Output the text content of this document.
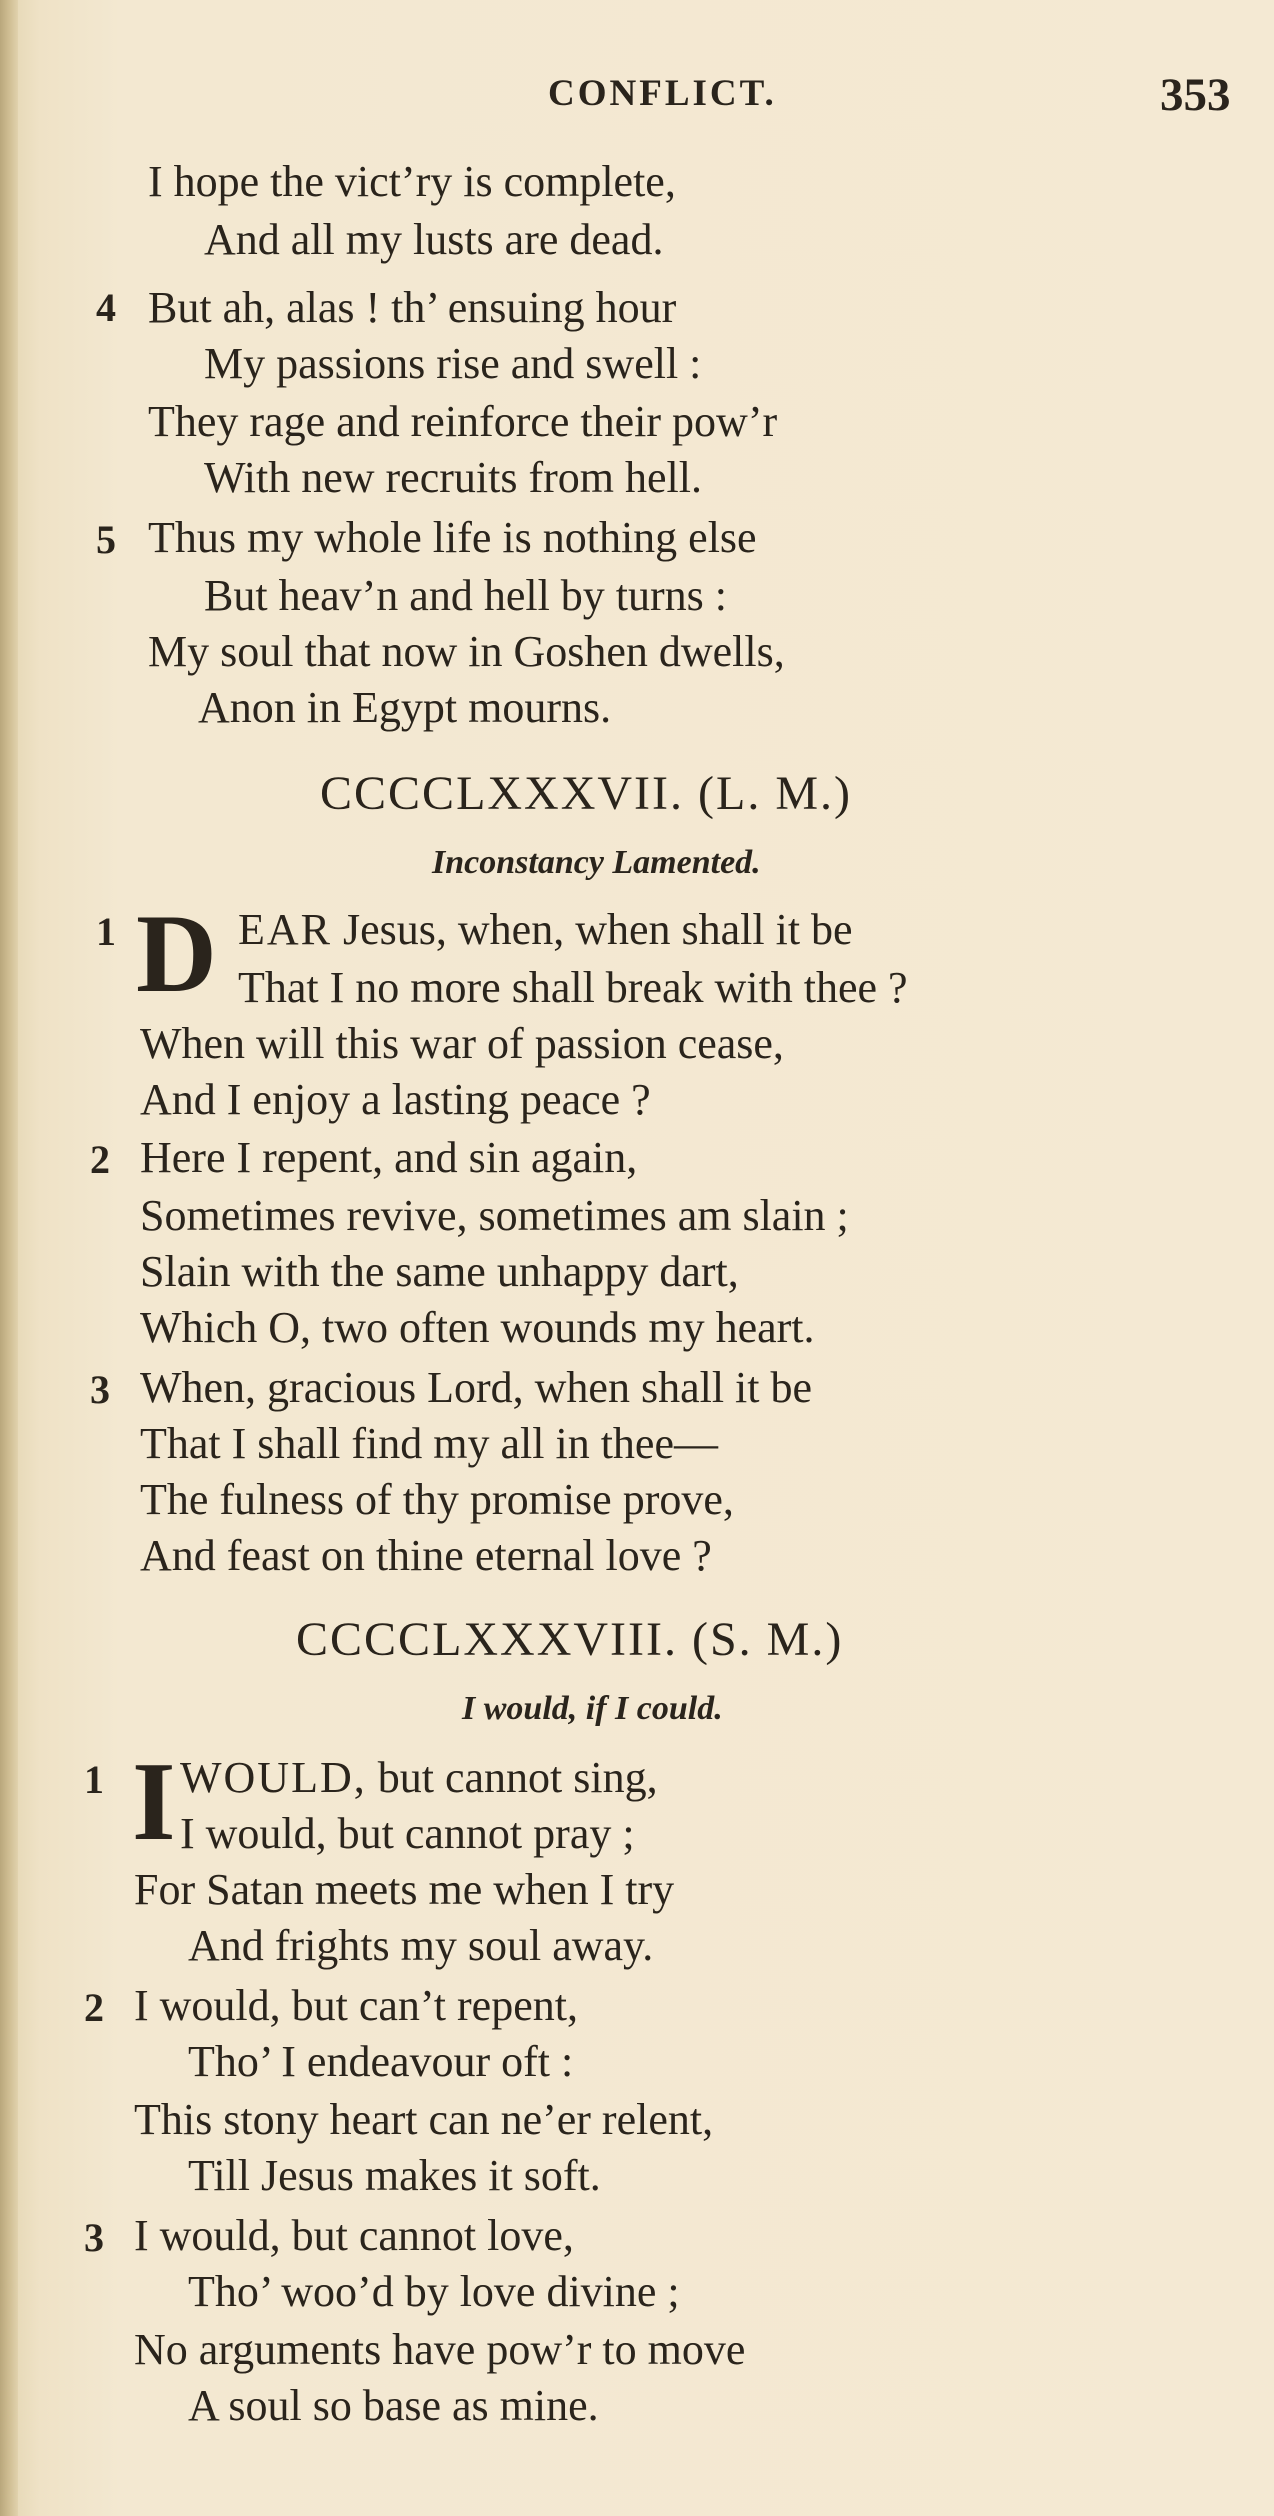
CONFLICT.	353
I hope the vict’ry is complete,
And all my lusts are dead.
4 But ah, alas ! th’ ensuing hour
My passions rise and swell :
They rage and reinforce their pow’r
With new recruits from hell.
5 Thus my whole life is nothing else
But heav’n and hell by turns :
My soul that now in Goshen dwells,
Anon in Egypt mourns.
CCCCLXXXVII. (L. M.)
Inconstancy Lamented.
1 D EAR Jesus, when, when shall it be
That I no more shall break with thee ?
When will this war of passion cease,
And I enjoy a lasting peace ?
2 Here I repent, and sin again,
Sometimes revive, sometimes am slain ;
Slain with the same unhappy dart,
Which O, two often wounds my heart.
3 When, gracious Lord, when shall it be
That I shall find my all in thee—
The fulness of thy promise prove,
And feast on thine eternal love ?
CCCCLXXXVIII. (S. M.)
I would, if I could.
1 I WOULD, but cannot sing,
I would, but cannot pray ;
For Satan meets me when I try
And frights my soul away.
2 I would, but can’t repent,
Tho’ I endeavour oft :
This stony heart can ne’er relent,
Till Jesus makes it soft.
3 I would, but cannot love,
Tho’ woo’d by love divine ;
No arguments have pow’r to move
A soul so base as mine.
